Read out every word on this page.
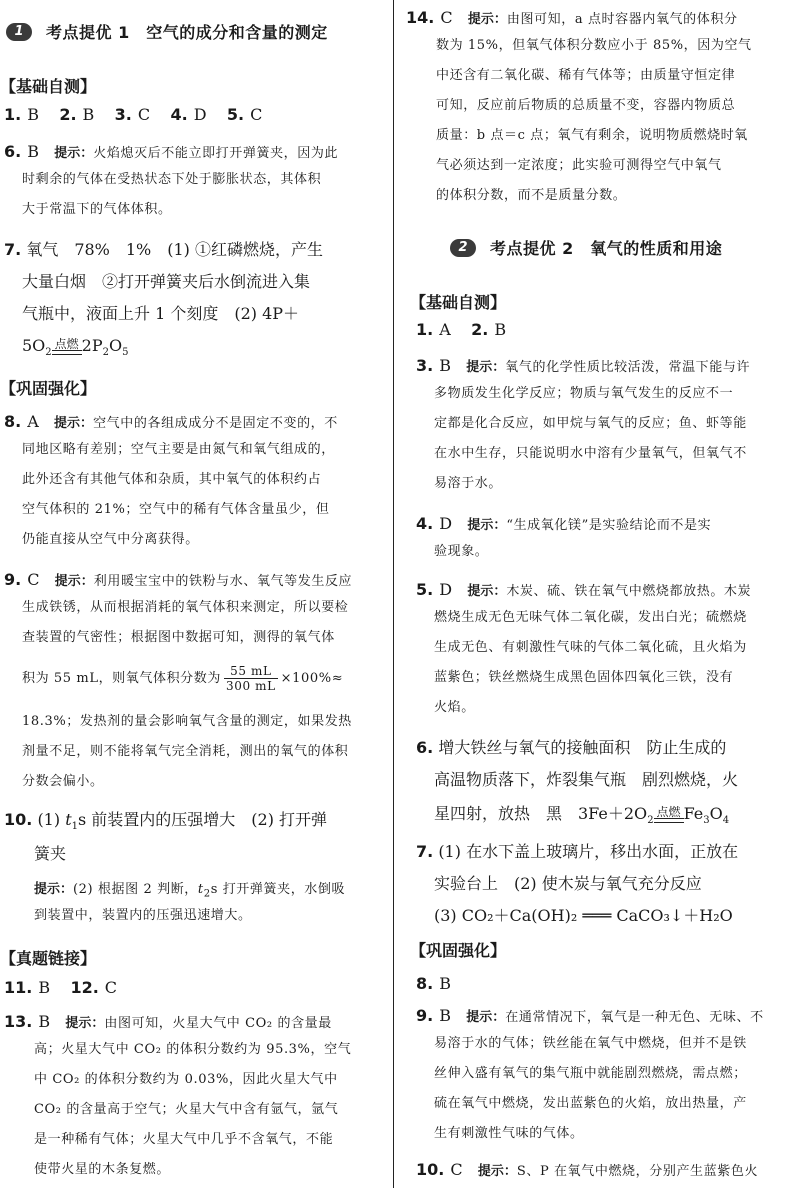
1	考点提优 1　空气的成分和含量的测定
【基础自测】
1. B 2. B 3. C 4. D 5. C
6. B 提示：火焰熄灭后不能立即打开弹簧夹，因为此
时剩余的气体在受热状态下处于膨胀状态，其体积
大于常温下的气体体积。
7. 氧气　78%　1%　(1) ①红磷燃烧，产生
大量白烟　②打开弹簧夹后水倒流进入集
气瓶中，液面上升 1 个刻度　(2) 4P＋
$5O_2$
点燃 $2P_2O_5$
【巩固强化】
8. A 提示：空气中的各组成成分不是固定不变的，不
同地区略有差别；空气主要是由氮气和氧气组成的，
此外还含有其他气体和杂质，其中氧气的体积约占
空气体积的 21%；空气中的稀有气体含量虽少，但
仍能直接从空气中分离获得。
9. C 提示：利用暖宝宝中的铁粉与水、氧气等发生反应
生成铁锈，从而根据消耗的氧气体积来测定，所以要检
查装置的气密性；根据图中数据可知，测得的氧气体
积为 55 mL，则氧气体积分数为 $\frac{55 mL}{300 mL} \times 100\%\approx$
18.3%；发热剂的量会影响氧气含量的测定，如果发热
剂量不足，则不能将氧气完全消耗，测出的氧气的体积
分数会偏小。
10. (1) $t_1s$ 前装置内的压强增大　(2) 打开弹
簧夹
提示：(2) 根据图 2 判断，$t_2s$ 打开弹簧夹，水倒吸
到装置中，装置内的压强迅速增大。
【真题链接】
11. B 12. C
13. B 提示：由图可知，火星大气中 CO₂ 的含量最
高；火星大气中 CO₂ 的体积分数约为 95.3%，空气
中 CO₂ 的体积分数约为 0.03%，因此火星大气中
CO₂ 的含量高于空气；火星大气中含有氩气，氩气
是一种稀有气体；火星大气中几乎不含氧气，不能
使带火星的木条复燃。
14. C 提示：由图可知，a 点时容器内氧气的体积分
数为 15%，但氧气体积分数应小于 85%，因为空气
中还含有二氧化碳、稀有气体等；由质量守恒定律
可知，反应前后物质的总质量不变，容器内物质总
质量：b 点＝c 点；氧气有剩余，说明物质燃烧时氧
气必须达到一定浓度；此实验可测得空气中氧气
的体积分数，而不是质量分数。
2	考点提优 2　氧气的性质和用途
【基础自测】
1. A 2. B
3. B 提示：氧气的化学性质比较活泼，常温下能与许
多物质发生化学反应；物质与氧气发生的反应不一
定都是化合反应，如甲烷与氧气的反应；鱼、虾等能
在水中生存，只能说明水中溶有少量氧气，但氧气不
易溶于水。
4. D 提示：“生成氧化镁”是实验结论而不是实
验现象。
5. D 提示：木炭、硫、铁在氧气中燃烧都放热。木炭
燃烧生成无色无味气体二氧化碳，发出白光；硫燃烧
生成无色、有刺激性气味的气体二氧化硫，且火焰为
蓝紫色；铁丝燃烧生成黑色固体四氧化三铁，没有
火焰。
6. 增大铁丝与氧气的接触面积　防止生成的
高温物质落下，炸裂集气瓶　剧烈燃烧，火
星四射，放热　黑　$3Fe+2O_2$
点燃 $Fe_3O_4$
7. (1) 在水下盖上玻璃片，移出水面，正放在
实验台上　(2) 使木炭与氧气充分反应
(3) CO₂＋Ca(OH)₂ ═══ CaCO₃↓＋H₂O
【巩固强化】
8. B
9. B 提示：在通常情况下，氧气是一种无色、无味、不
易溶于水的气体；铁丝能在氧气中燃烧，但并不是铁
丝伸入盛有氧气的集气瓶中就能剧烈燃烧，需点燃；
硫在氧气中燃烧，发出蓝紫色的火焰，放出热量，产
生有刺激性气味的气体。
10. C 提示：S、P 在氧气中燃烧，分别产生蓝紫色火
